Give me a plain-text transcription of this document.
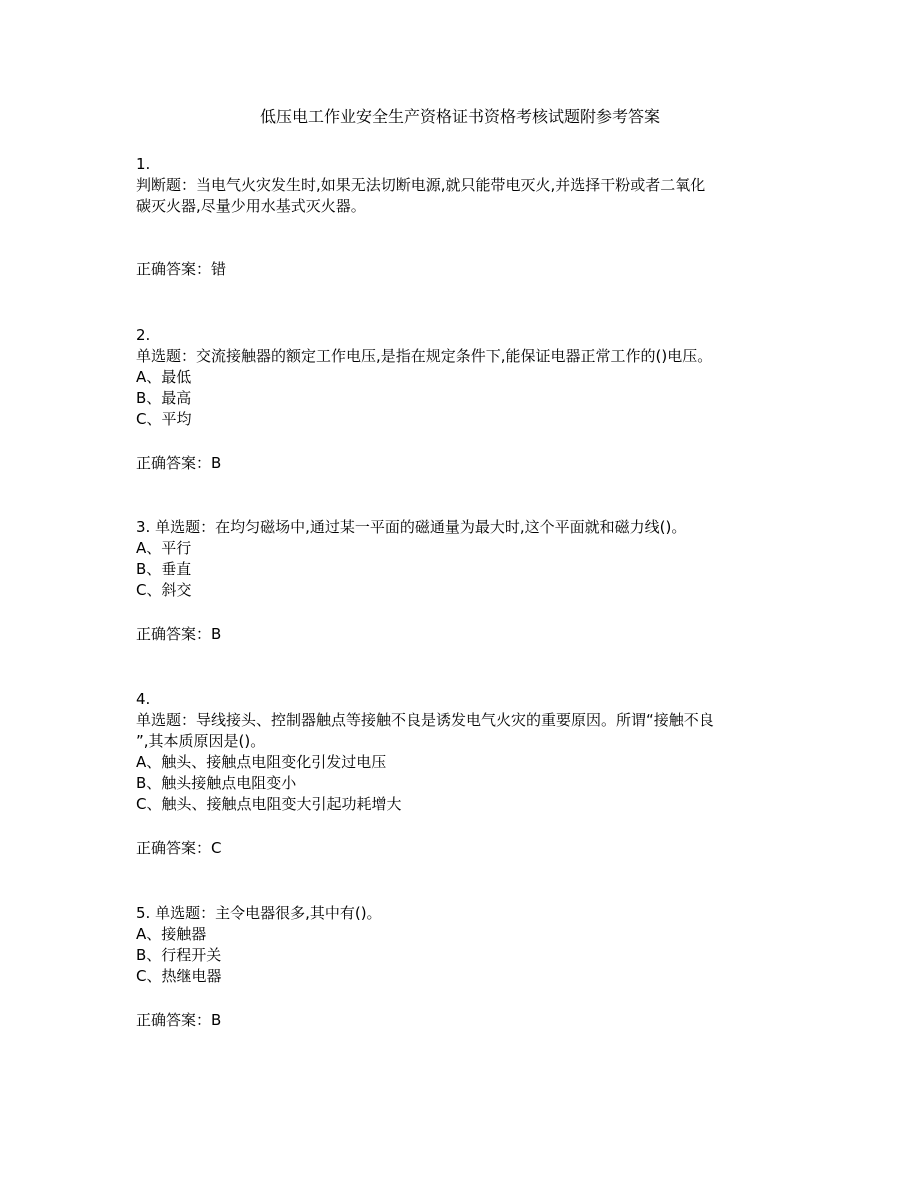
低压电工作业安全生产资格证书资格考核试题附参考答案
1.
判断题：当电气火灾发生时,如果无法切断电源,就只能带电灭火,并选择干粉或者二氧化
碳灭火器,尽量少用水基式灭火器。
正确答案：错
2.
单选题：交流接触器的额定工作电压,是指在规定条件下,能保证电器正常工作的()电压。
A、最低
B、最高
C、平均
正确答案：B
3. 单选题：在均匀磁场中,通过某一平面的磁通量为最大时,这个平面就和磁力线()。
A、平行
B、垂直
C、斜交
正确答案：B
4.
单选题：导线接头、控制器触点等接触不良是诱发电气火灾的重要原因。所谓“接触不良
”,其本质原因是()。
A、触头、接触点电阻变化引发过电压
B、触头接触点电阻变小
C、触头、接触点电阻变大引起功耗增大
正确答案：C
5. 单选题：主令电器很多,其中有()。
A、接触器
B、行程开关
C、热继电器
正确答案：B
